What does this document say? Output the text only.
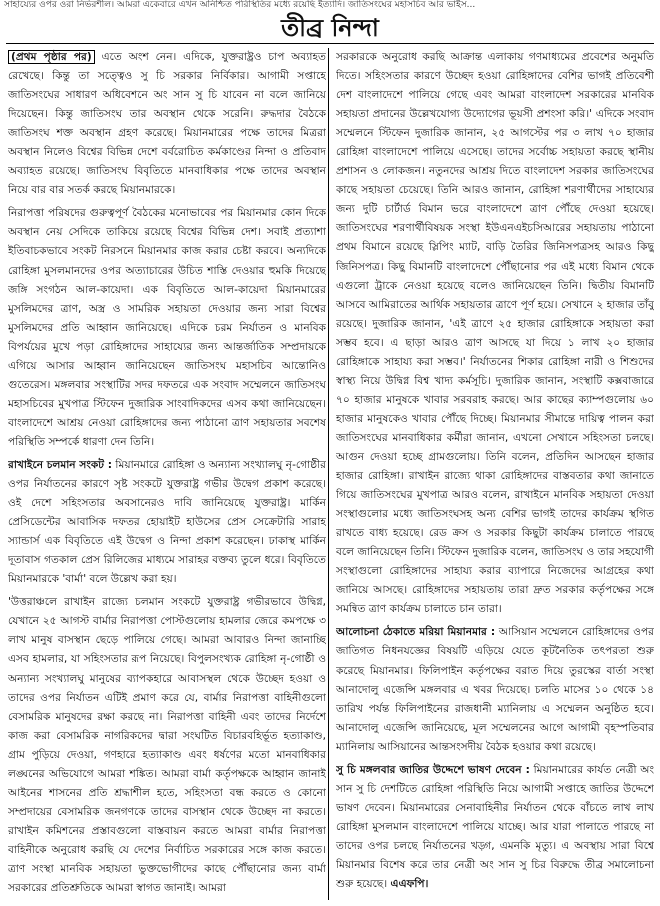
সাহায্যের ওপর ওরা নির্ভরশীল। আমরা একেবারে এখন অনিশ্চিত পরিস্থিতির মধ্যে রয়েছি ইত্যাদি। জাতিসংঘের মহাসচিব আর ভাইস...
তীব্র নিন্দা

(প্রথম পৃষ্ঠার পর) এতে অংশ নেন। এদিকে, যুক্তরাষ্ট্রও চাপ অব্যাহত রেখেছে। কিন্তু তা সত্ত্বেও সু চি সরকার নির্বিকার। আগামী সপ্তাহে জাতিসংঘের সাধারণ অধিবেশনে অং সান সু চি যাবেন না বলে জানিয়ে দিয়েছেন। কিন্তু জাতিসংঘ তার অবস্থান থেকে সরেনি। রুদ্ধদার বৈঠকে জাতিসংঘ শক্ত অবস্থান গ্রহণ করেছে। মিয়ানমারের পক্ষে তাদের মিত্ররা অবস্থান নিলেও বিশ্বের বিভিন্ন দেশে বর্বরোচিত কর্মকাণ্ডের নিন্দা ও প্রতিবাদ অব্যাহত রয়েছে। জাতিসংঘ বিবৃতিতে মানবাধিকার পক্ষে তাদের অবস্থান নিয়ে বার বার সতর্ক করছে মিয়ানমারকে।

নিরাপত্তা পরিষদের গুরুত্বপূর্ণ বৈঠকের মনোভাবের পর মিয়ানমার কোন দিকে অবস্থান নেয় সেদিকে তাকিয়ে রয়েছে বিশ্বের বিভিন্ন দেশ। সবাই প্রত্যাশা ইতিবাচকভাবে সংকট নিরসনে মিয়ানমার কাজ করার চেষ্টা করবে। অন্যদিকে রোহিঙ্গা মুসলমানদের ওপর অত্যাচারের উচিত শাস্তি দেওয়ার হুমকি দিয়েছে জঙ্গি সংগঠন আল-কায়েদা। এক বিবৃতিতে আল-কায়েদা মিয়ানমারের মুসলিমদের ত্রাণ, অস্ত্র ও সামরিক সহায়তা দেওয়ার জন্য সারা বিশ্বের মুসলিমদের প্রতি আহ্বান জানিয়েছে। এদিকে চরম নির্যাতন ও মানবিক বিপর্যয়ের মুখে পড়া রোহিঙ্গাদের সাহায্যের জন্য আন্তর্জাতিক সম্প্রদায়কে এগিয়ে আসার আহ্বান জানিয়েছেন জাতিসংঘ মহাসচিব আন্তোনিও গুতেরেস। মঙ্গলবার সংস্থাটির সদর দফতরে এক সংবাদ সম্মেলনে জাতিসংঘ মহাসচিবের মুখপাত্র স্টিফেন দুজারিক সাংবাদিকদের এসব কথা জানিয়েছেন। বাংলাদেশে আশ্রয় নেওয়া রোহিঙ্গাদের জন্য পাঠানো ত্রাণ সহায়তার সবশেষ পরিস্থিতি সম্পর্কে ধারণা দেন তিনি।

রাখাইনে চলমান সংকট : মিয়ানমারে রোহিঙ্গা ও অন্যান্য সংখ্যালঘু নৃ-গোষ্ঠীর ওপর নির্যাতনের কারণে সৃষ্ট সংকটে যুক্তরাষ্ট্র গভীর উদ্বেগ প্রকাশ করেছে। ওই দেশে সহিংসতার অবসানেরও দাবি জানিয়েছে যুক্তরাষ্ট্র। মার্কিন প্রেসিডেন্টের আবাসিক দফতর হোয়াইট হাউসের প্রেস সেক্রেটারি সারাহ স্যান্ডার্স এক বিবৃতিতে এই উদ্বেগ ও নিন্দা প্রকাশ করেছেন। ঢাকাস্থ মার্কিন দূতাবাস গতকাল প্রেস রিলিজের মাধ্যমে সারাহর বক্তব্য তুলে ধরে। বিবৃতিতে মিয়ানমারকে 'বার্মা' বলে উল্লেখ করা হয়।

'উত্তরাঞ্চলে রাখাইন রাজ্যে চলমান সংকটে যুক্তরাষ্ট্র গভীরভাবে উদ্বিগ্ন, যেখানে ২৫ আগস্ট বার্মার নিরাপত্তা পোস্টগুলোয় হামলার জেরে কমপক্ষে ৩ লাখ মানুষ বাসস্থান ছেড়ে পালিয়ে গেছে। আমরা আবারও নিন্দা জানাচ্ছি এসব হামলার, যা সহিংসতার রূপ নিয়েছে। বিপুলসংখ্যক রোহিঙ্গা নৃ-গোষ্ঠী ও অন্যান্য সংখ্যালঘু মানুষের ব্যাপকহারে আবাসস্থল থেকে উচ্ছেদ হওয়া ও তাদের ওপর নির্যাতন এটিই প্রমাণ করে যে, বার্মার নিরাপত্তা বাহিনীগুলো বেসামরিক মানুষদের রক্ষা করছে না। নিরাপত্তা বাহিনী এবং তাদের নির্দেশে কাজ করা বেসামরিক নাগরিকদের দ্বারা সংঘটিত বিচারবহির্ভূত হত্যাকাণ্ড, গ্রাম পুড়িয়ে দেওয়া, গণহারে হত্যাকাণ্ড এবং ধর্ষণের মতো মানবাধিকার লঙ্ঘনের অভিযোগে আমরা শঙ্কিত। আমরা বার্মা কর্তৃপক্ষকে আহ্বান জানাই আইনের শাসনের প্রতি শ্রদ্ধাশীল হতে, সহিংসতা বন্ধ করতে ও কোনো সম্প্রদায়ের বেসামরিক জনগণকে তাদের বাসস্থান থেকে উচ্ছেদ না করতে। রাখাইন কমিশনের প্রস্তাবগুলো বাস্তবায়ন করতে আমরা বার্মার নিরাপত্তা বাহিনীকে অনুরোধ করছি যে দেশের নির্বাচিত সরকারের সঙ্গে কাজ করতে। ত্রাণ সংস্থা মানবিক সহায়তা ভুক্তভোগীদের কাছে পৌঁছানোর জন্য বার্মা সরকারের প্রতিশ্রুতিকে আমরা স্বাগত জানাই। আমরা

সরকারকে অনুরোধ করছি আক্রান্ত এলাকায় গণমাধ্যমের প্রবেশের অনুমতি দিতে। সহিংসতার কারণে উচ্ছেদ হওয়া রোহিঙ্গাদের বেশির ভাগই প্রতিবেশী দেশ বাংলাদেশে পালিয়ে গেছে এবং আমরা বাংলাদেশ সরকারের মানবিক সহায়তা প্রদানের উল্লেখযোগ্য উদ্যোগের ভূয়সী প্রশংসা করি।' এদিকে সংবাদ সম্মেলনে স্টিফেন দুজারিক জানান, ২৫ আগস্টের পর ৩ লাখ ৭০ হাজার রোহিঙ্গা বাংলাদেশে পালিয়ে এসেছে। তাদের সর্বোচ্চ সহায়তা করছে স্থানীয় প্রশাসন ও লোকজন। নতুনদের আশ্রয় দিতে বাংলাদেশ সরকার জাতিসংঘের কাছে সহায়তা চেয়েছে। তিনি আরও জানান, রোহিঙ্গা শরণার্থীদের সাহায্যের জন্য দুটি চার্টার্ড বিমান ভরে বাংলাদেশে ত্রাণ পৌঁছে দেওয়া হয়েছে। জাতিসংঘের শরণার্থীবিষয়ক সংস্থা ইউএনএইচসিআরের সহায়তায় পাঠানো প্রথম বিমানে রয়েছে স্লিপিং ম্যাট, বাড়ি তৈরির জিনিসপত্রসহ আরও কিছু জিনিসপত্র। কিছু বিমানটি বাংলাদেশে পৌঁছানোর পর এই মধ্যে বিমান থেকে এগুলো ট্রাকে নেওয়া হয়েছে বলেও জানিয়েছেন তিনি। দ্বিতীয় বিমানটি আসবে আমিরাতের আর্থিক সহায়তার ত্রাণে পূর্ণ হয়ে। সেখানে ২ হাজার তাঁবু রয়েছে। দুজারিক জানান, 'এই ত্রাণে ২৫ হাজার রোহিঙ্গাকে সহায়তা করা সম্ভব হবে। এ ছাড়া আরও ত্রাণ আসছে যা দিয়ে ১ লাখ ২০ হাজার রোহিঙ্গাকে সাহায্য করা সম্ভব।' নির্যাতনের শিকার রোহিঙ্গা নারী ও শিশুদের স্বাস্থ্য নিয়ে উদ্বিগ্ন বিশ্ব খাদ্য কর্মসূচি। দুজারিক জানান, সংস্থাটি কক্সবাজারে ৭০ হাজার মানুষকে খাবার সরবরাহ করছে। আর কাছের ক্যাম্পগুলোয় ৬০ হাজার মানুষকেও খাবার পৌঁছে দিচ্ছে। মিয়ানমার সীমান্তে দায়িত্ব পালন করা জাতিসংঘের মানবাধিকার কর্মীরা জানান, এখনো সেখানে সহিংসতা চলছে। আগুন দেওয়া হচ্ছে গ্রামগুলোয়। তিনি বলেন, প্রতিদিন আসছেন হাজার হাজার রোহিঙ্গা। রাখাইন রাজ্যে থাকা রোহিঙ্গাদের বাস্তবতার কথা জানাতে গিয়ে জাতিসংঘের মুখপাত্র আরও বলেন, রাখাইনে মানবিক সহায়তা দেওয়া সংস্থাগুলোর মধ্যে জাতিসংঘসহ অন্য বেশির ভাগই তাদের কার্যক্রম স্থগিত রাখতে বাধ্য হয়েছে। রেড ক্রস ও সরকার কিছুটা কার্যক্রম চালাতে পারছে বলে জানিয়েছেন তিনি। স্টিফেন দুজারিক বলেন, জাতিসংঘ ও তার সহযোগী সংস্থাগুলো রোহিঙ্গাদের সাহায্য করার ব্যাপারে নিজেদের আগ্রহের কথা জানিয়ে আসছে। রোহিঙ্গাদের সহায়তায় তারা দ্রুত সরকার কর্তৃপক্ষের সঙ্গে সমন্বিত ত্রাণ কার্যক্রম চালাতে চান তারা।

আলোচনা ঠেকাতে মরিয়া মিয়ানমার : আসিয়ান সম্মেলনে রোহিঙ্গাদের ওপর জাতিগত নিধনযজ্ঞের বিষয়টি এড়িয়ে যেতে কূটনৈতিক তৎপরতা শুরু করেছে মিয়ানমার। ফিলিপাইন কর্তৃপক্ষের বরাত দিয়ে তুরস্কের বার্তা সংস্থা আনাদোলু এজেন্সি মঙ্গলবার এ খবর দিয়েছে। চলতি মাসের ১০ থেকে ১৪ তারিখ পর্যন্ত ফিলিপাইনের রাজধানী ম্যানিলায় এ সম্মেলন অনুষ্ঠিত হবে। আনাদোলু এজেন্সি জানিয়েছে, মূল সম্মেলনের আগে আগামী বৃহস্পতিবার ম্যানিলায় আসিয়ানের আন্তসংসদীয় বৈঠক হওয়ার কথা রয়েছে।

সু চি মঙ্গলবার জাতির উদ্দেশে ভাষণ দেবেন : মিয়ানমারের কার্যত নেত্রী অং সান সু চি দেশটিতে রোহিঙ্গা পরিস্থিতি নিয়ে আগামী সপ্তাহে জাতির উদ্দেশে ভাষণ দেবেন। মিয়ানমারের সেনাবাহিনীর নির্যাতন থেকে বাঁচতে লাখ লাখ রোহিঙ্গা মুসলমান বাংলাদেশে পালিয়ে যাচ্ছে। আর যারা পালাতে পারছে না তাদের ওপর চলছে নির্যাতনের খড়্গ, এমনকি মৃত্যু। এ অবস্থায় সারা বিশ্বে মিয়ানমার বিশেষ করে তার নেত্রী অং সান সু চির বিরুদ্ধে তীব্র সমালোচনা শুরু হয়েছে। এএফপি।
